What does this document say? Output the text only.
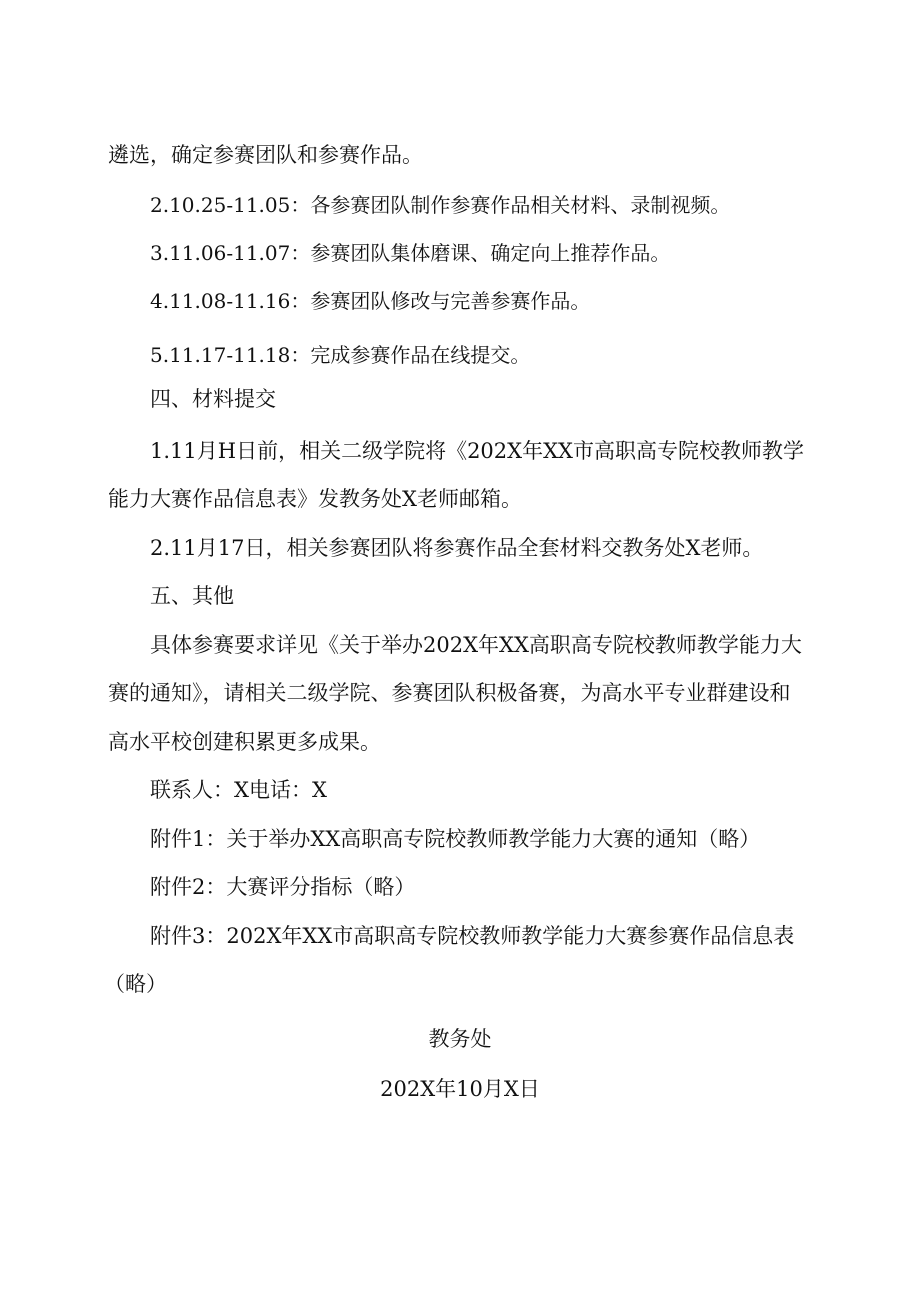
遴选，确定参赛团队和参赛作品。
2.10.25-11.05：各参赛团队制作参赛作品相关材料、录制视频。
3.11.06-11.07：参赛团队集体磨课、确定向上推荐作品。
4.11.08-11.16：参赛团队修改与完善参赛作品。
5.11.17-11.18：完成参赛作品在线提交。
四、材料提交
1.11月H日前，相关二级学院将《202X年XX市高职高专院校教师教学
能力大赛作品信息表》发教务处X老师邮箱。
2.11月17日，相关参赛团队将参赛作品全套材料交教务处X老师。
五、其他
具体参赛要求详见《关于举办202X年XX高职高专院校教师教学能力大
赛的通知》，请相关二级学院、参赛团队积极备赛，为高水平专业群建设和
高水平校创建积累更多成果。
联系人：X电话：X
附件1：关于举办XX高职高专院校教师教学能力大赛的通知（略）
附件2：大赛评分指标（略）
附件3：202X年XX市高职高专院校教师教学能力大赛参赛作品信息表
（略）
教务处
202X年10月X日
